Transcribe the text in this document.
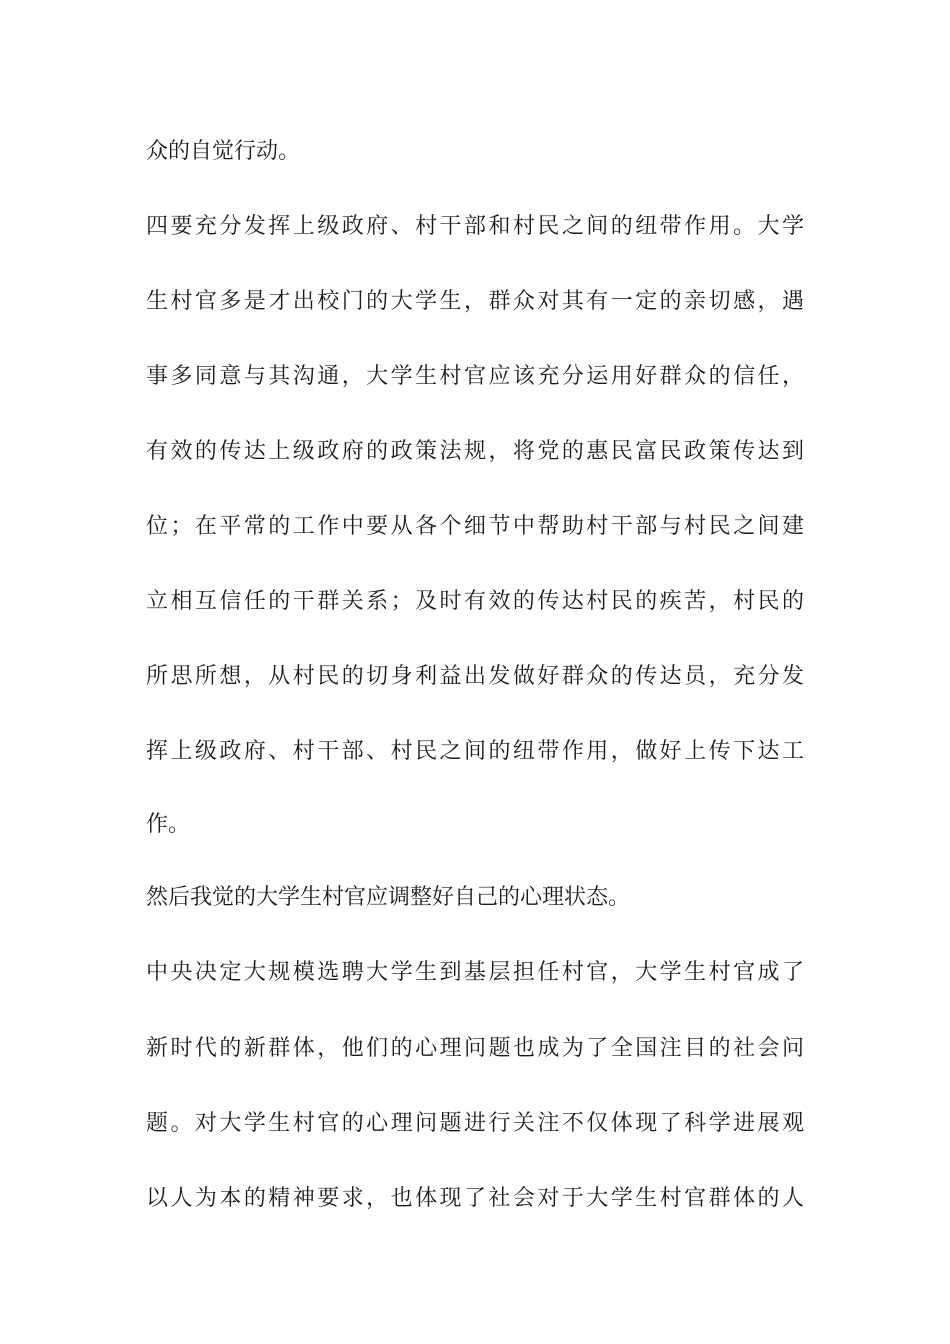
众的自觉行动。
四要充分发挥上级政府、村干部和村民之间的纽带作用。大学
生村官多是才出校门的大学生，群众对其有一定的亲切感，遇
事多同意与其沟通，大学生村官应该充分运用好群众的信任，
有效的传达上级政府的政策法规，将党的惠民富民政策传达到
位；在平常的工作中要从各个细节中帮助村干部与村民之间建
立相互信任的干群关系；及时有效的传达村民的疾苦，村民的
所思所想，从村民的切身利益出发做好群众的传达员，充分发
挥上级政府、村干部、村民之间的纽带作用，做好上传下达工
作。
然后我觉的大学生村官应调整好自己的心理状态。
中央决定大规模选聘大学生到基层担任村官，大学生村官成了
新时代的新群体，他们的心理问题也成为了全国注目的社会问
题。对大学生村官的心理问题进行关注不仅体现了科学进展观
以人为本的精神要求，也体现了社会对于大学生村官群体的人
